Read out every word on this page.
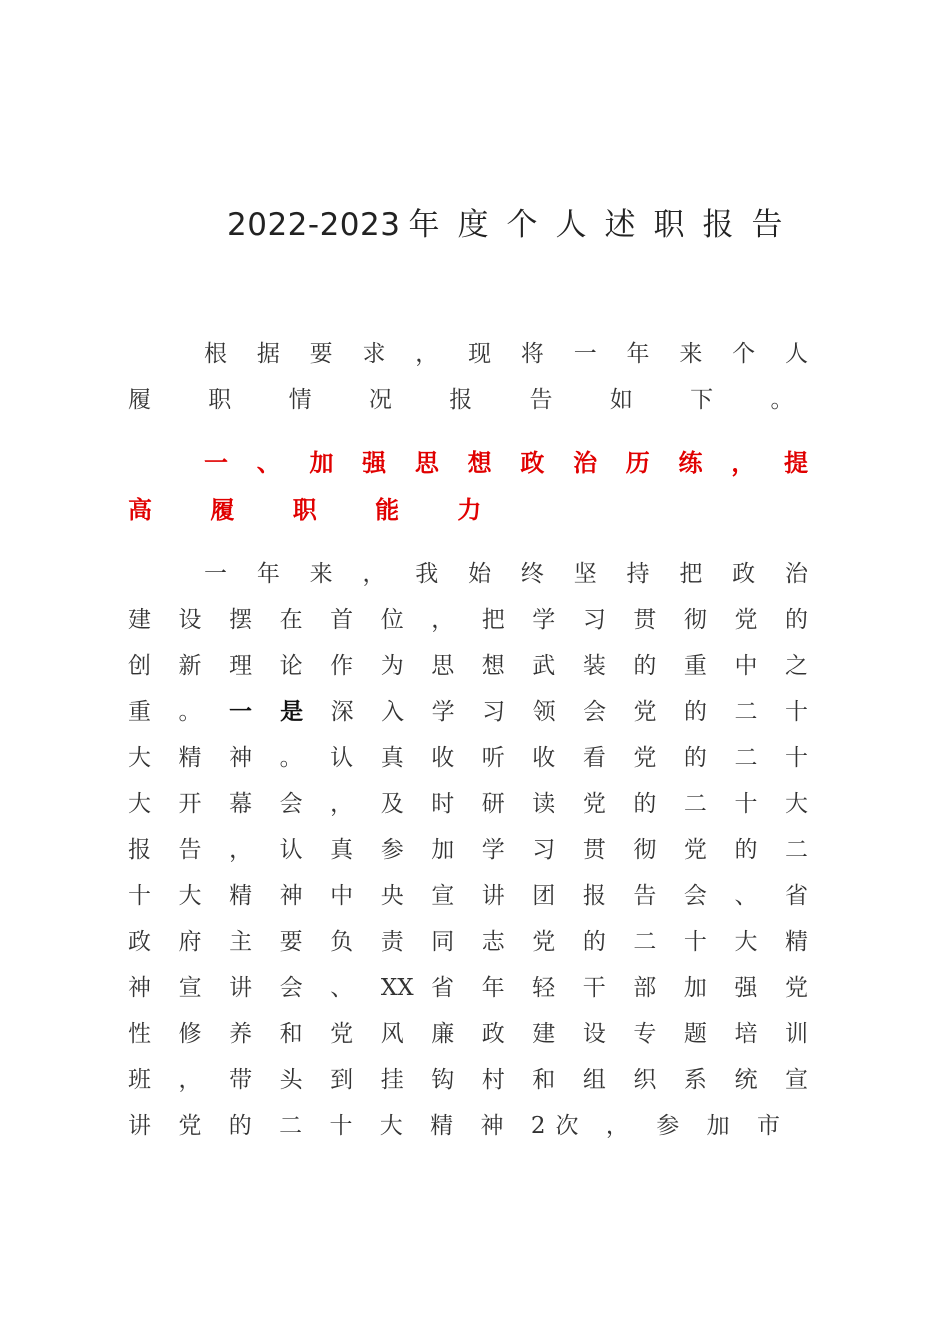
2022-2023 年度个人述职报告

根 据 要 求 ， 现 将 一 年 来 个 人

履 职 情 况 报 告 如 下 。

一 、 加 强 思 想 政 治 历 练 ， 提

高 履 职 能 力

一 年 来 ， 我 始 终 坚 持 把 政 治

建 设 摆 在 首 位 ， 把 学 习 贯 彻 党 的

创 新 理 论 作 为 思 想 武 装 的 重 中 之

重 。 一 是 深 入 学 习 领 会 党 的 二 十

大 精 神 。 认 真 收 听 收 看 党 的 二 十

大 开 幕 会 ， 及 时 研 读 党 的 二 十 大

报 告 ， 认 真 参 加 学 习 贯 彻 党 的 二

十 大 精 神 中 央 宣 讲 团 报 告 会 、 省

政 府 主 要 负 责 同 志 党 的 二 十 大 精

神 宣 讲 会 、 XX 省 年 轻 干 部 加 强 党

性 修 养 和 党 风 廉 政 建 设 专 题 培 训

班 ， 带 头 到 挂 钩 村 和 组 织 系 统 宣

讲 党 的 二 十 大 精 神 2次 ， 参 加 市
